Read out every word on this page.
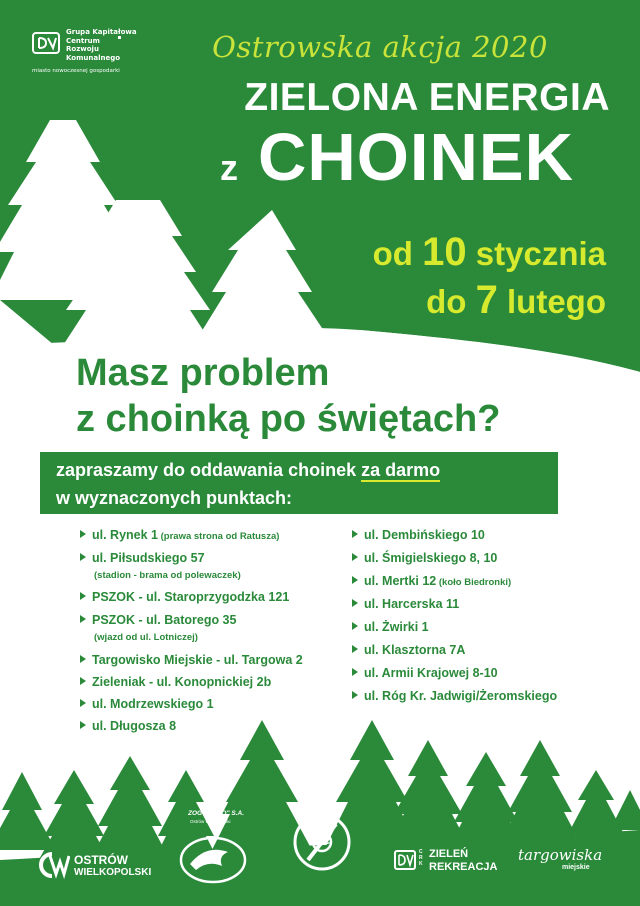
Grupa Kapitałowa
Centrum
Rozwoju
Komunalnego
miasto nowoczesnej gospodarki
Ostrowska akcja 2020
ZIELONA ENERGIA
z CHOINEK
od 10 stycznia
do 7 lutego
Masz problem
z choinką po świętach?
zapraszamy do oddawania choinek za darmo
w wyznaczonych punktach:
ul. Rynek 1 (prawa strona od Ratusza)
ul. Piłsudskiego 57
(stadion - brama od polewaczek)
PSZOK - ul. Staroprzygodzka 121
PSZOK - ul. Batorego 35
(wjazd od ul. Lotniczej)
Targowisko Miejskie - ul. Targowa 2
Zieleniak - ul. Konopnickiej 2b
ul. Modrzewskiego 1
ul. Długosza 8
ul. Dembińskiego 10
ul. Śmigielskiego 8, 10
ul. Mertki 12 (koło Biedronki)
ul. Harcerska 11
ul. Żwirki 1
ul. Klasztorna 7A
ul. Armii Krajowej 8-10
ul. Róg Kr. Jadwigi/Żeromskiego
OSTRÓW
WIELKOPOLSKI
ZOGO "MZO" S.A.
Ostrów Wielkopolski
OZC
CRK
ZIELEŃ
REKREACJA
targowiska
miejskie
